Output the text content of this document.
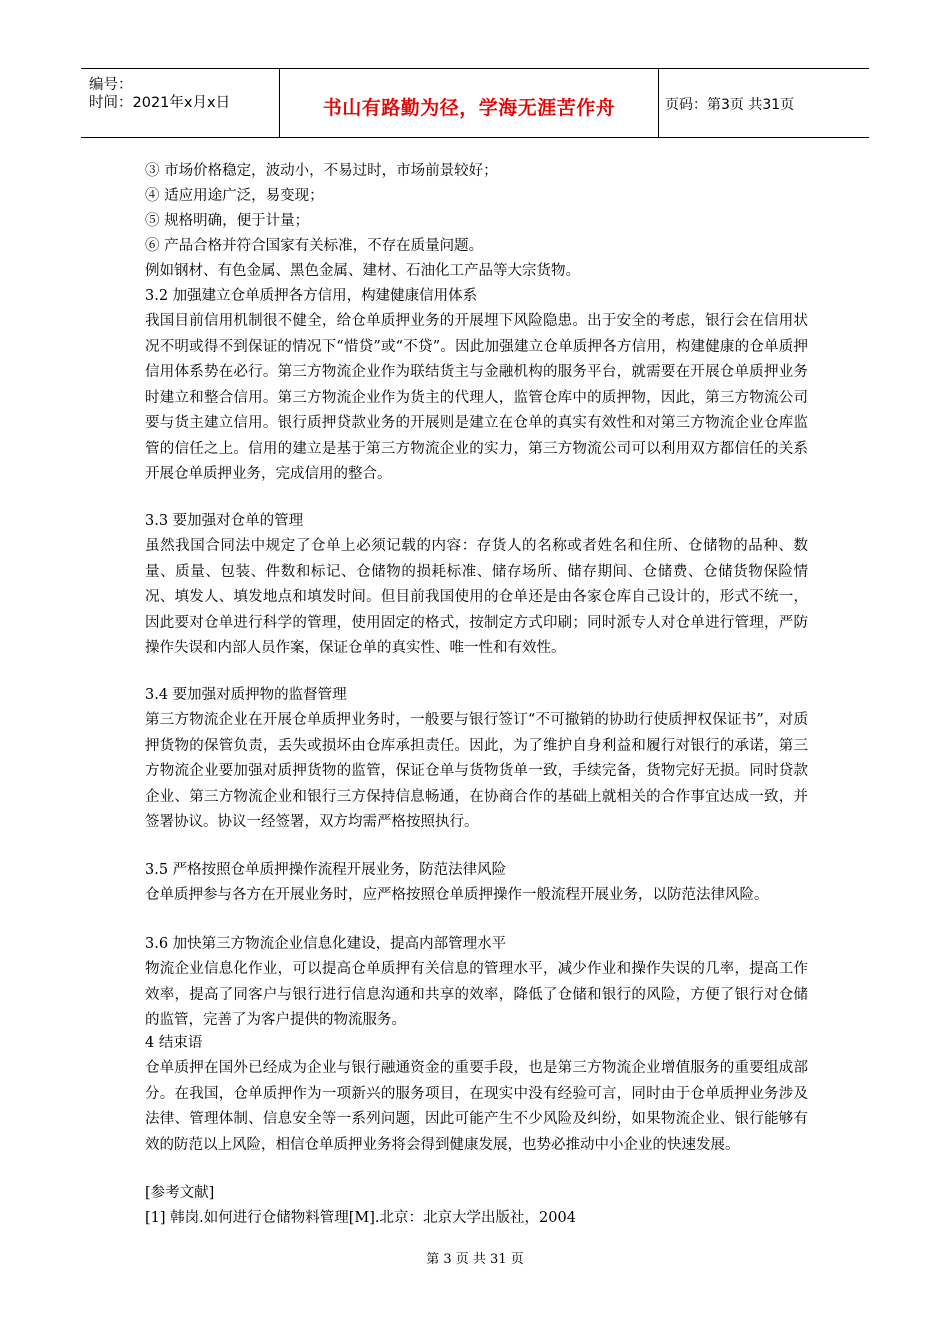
编号：
时间：2021年x月x日	书山有路勤为径，学海无涯苦作舟	页码：第3页 共31页
③ 市场价格稳定，波动小，不易过时，市场前景较好；
④ 适应用途广泛，易变现；
⑤ 规格明确，便于计量；
⑥ 产品合格并符合国家有关标准，不存在质量问题。
例如钢材、有色金属、黑色金属、建材、石油化工产品等大宗货物。
3.2 加强建立仓单质押各方信用，构建健康信用体系
我国目前信用机制很不健全，给仓单质押业务的开展埋下风险隐患。出于安全的考虑，银行会在信用状况不明或得不到保证的情况下“惜贷”或“不贷”。因此加强建立仓单质押各方信用，构建健康的仓单质押信用体系势在必行。第三方物流企业作为联结货主与金融机构的服务平台，就需要在开展仓单质押业务时建立和整合信用。第三方物流企业作为货主的代理人，监管仓库中的质押物，因此，第三方物流公司要与货主建立信用。银行质押贷款业务的开展则是建立在仓单的真实有效性和对第三方物流企业仓库监管的信任之上。信用的建立是基于第三方物流企业的实力，第三方物流公司可以利用双方都信任的关系开展仓单质押业务，完成信用的整合。
3.3 要加强对仓单的管理
虽然我国合同法中规定了仓单上必须记载的内容：存货人的名称或者姓名和住所、仓储物的品种、数量、质量、包装、件数和标记、仓储物的损耗标准、储存场所、储存期间、仓储费、仓储货物保险情况、填发人、填发地点和填发时间。但目前我国使用的仓单还是由各家仓库自己设计的，形式不统一，因此要对仓单进行科学的管理，使用固定的格式，按制定方式印刷；同时派专人对仓单进行管理，严防操作失误和内部人员作案，保证仓单的真实性、唯一性和有效性。
3.4 要加强对质押物的监督管理
第三方物流企业在开展仓单质押业务时，一般要与银行签订“不可撤销的协助行使质押权保证书”，对质押货物的保管负责，丢失或损坏由仓库承担责任。因此，为了维护自身利益和履行对银行的承诺，第三方物流企业要加强对质押货物的监管，保证仓单与货物货单一致，手续完备，货物完好无损。同时贷款企业、第三方物流企业和银行三方保持信息畅通，在协商合作的基础上就相关的合作事宜达成一致，并签署协议。协议一经签署，双方均需严格按照执行。
3.5 严格按照仓单质押操作流程开展业务，防范法律风险
仓单质押参与各方在开展业务时，应严格按照仓单质押操作一般流程开展业务，以防范法律风险。
3.6 加快第三方物流企业信息化建设，提高内部管理水平
物流企业信息化作业，可以提高仓单质押有关信息的管理水平，减少作业和操作失误的几率，提高工作效率，提高了同客户与银行进行信息沟通和共享的效率，降低了仓储和银行的风险，方便了银行对仓储的监管，完善了为客户提供的物流服务。
4 结束语
仓单质押在国外已经成为企业与银行融通资金的重要手段，也是第三方物流企业增值服务的重要组成部分。在我国，仓单质押作为一项新兴的服务项目，在现实中没有经验可言，同时由于仓单质押业务涉及法律、管理体制、信息安全等一系列问题，因此可能产生不少风险及纠纷，如果物流企业、银行能够有效的防范以上风险，相信仓单质押业务将会得到健康发展，也势必推动中小企业的快速发展。
[参考文献]
[1] 韩岗.如何进行仓储物料管理[M].北京：北京大学出版社，2004
第 3 页 共 31 页
